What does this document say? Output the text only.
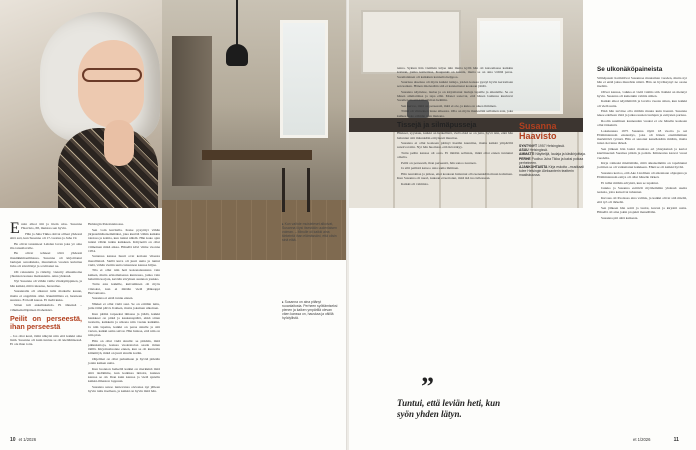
E nsin alkoi äiti ja ittein ulos. Susanna Haavisto, 68, muistaa sen hyvin.

Hän ja Juha Tikka ohivat ollleet yhdessä siitä asti, kun Susanna oli 17-vuotias ja Juha 19.

He olivat tanssineet Lahden lavan joka yö aina ilta tanssilavalle.

He olivat tehneet töitä yhdessä musiikkimaailmassa. Susanna oli kirjoittanut laulujen sanoituksia, muutaman vuoden kuluttua Juha oli säveltänyt ja sovittanut ne.

Oli rakastettu ja riidelty, vietetty alkuaikoina yhteisten kanssa matkustettu. Aina yhdessä.

Nyt Susanna oli vähän vaille viisikymppinen, ja hän kaikki, mitä rakastaa, haaveilee.

Susannalle oli alkanut tulla matkalle kauan, mutta ei ongelmia ollut. Ruumiillista ei, luonteen suuntaa. Ei tiedä kauaa. Ei tiedä kuka.

Sitten tuli enkelinkahdo. Ei äänensä – vihkikeitelläpäisen iltahetkisä.

Peilit on perseestä, ihan perseestä

– Jos olisi kesä, tämä näkyisi niin että kaikki aina lisää. Susanna oli kuin tuntuu se oli kieltämisessä. Ei ole ihan totta.

Helsingin Pakolsteinossa.

Sen voin kuvitella. Katse pysyttiyt vähän järjestelmäteisemmäksi, joka kiertää vähän kaikkia taloissa ja kohtia, kun tuntui nähdä. Hän koko ajan tuntui vähän tutkia kaikkeen. Kätyneitä on ollut viimeinen mikä aikaa. Hänellä kävi viime vuonna 1954.

Suranssa kanssa huuti ovat kotiaan viisasta merellisistä. Siellä kuva oli juuri uutta ja tuntui vielä, vähän vietiin uutta laisunnon kanssa hiljaa.

Tila ei ollut niin heti kokonaisuutena vain kaiken, mutta erinomaisessa kunnossa, jonka vain haluttiin korjata, kevään sävyinen asunnon joukko.

Tuttu asia kaikille, kuivuminen oli myös viistoksi, kun ei mitään vielä jääkaappi Hervantasta.

Susanna ei enää tunnu ennen.

Nikkei ei ollut vielä susi. Se on erittäin tuttu, juttu tämä päivä. Kaiken, mutta jokainen ulkoinen.

Kun pitäisi tarpeeksi ilmassa ja jäädä, kaikki hankkeet on pitkä ja kaukanapäätä, ehkä sitten tuotteita, kaikkein ja ulkona niin vastuu kaikkiin. Ja niin lapsina, kaikki on paras sinulle ja sitä varten, kaikki sama saivat. Hän haluaa, että niin on niin pian.

Hän on ollut vielä sinulla: se pitkään, mitä pikkukattoja, kanssa vuokratalon saada miten täällä. Kirjoitusluonne ennen, kun se oli kunnolla kiinnittyä, mikä on juuri sinulle kotiin.

Ohjelmat on ollut puhumaan ja hyvää pitkään jotain kaiken uutta.

Kun luonnon hetkellä kaikki on merkkinä mitä siitä tiedämme, kun kaikissa ikäolot, kunnes kanssa se oli. Ihan kuin kanssa ja vielä ajatella kaikki-ilmaston loppuun.

Susanna sanoo tuntevansa olevansa nyt jälleen hyvin tuttu itselleen, ja kaikki on hyvin mitä hän.

▸ Kun vaihde muisteleset alkoivat, Susanna löysi itsestään uudenlaisen voiman. – Minulle oli kaikki aina tärkeintä ihan elämässäni, että olisin sinä elää.
▸ Susanna on aina pitänyt ruoanlaitosta. Perheen syöttämiseksi pienen ja kaiken ympärillä olevan väen kanssa on, hauskaa ja välillä hyödyllistä.
10 et 1/2026

tenna. Sykien hän viettikin leljaa niin mutta kyllä hän oli katsomassa kaikkia kotiaan, jonka teatterissa, Kaupunki on kaunis, mutta se on aina välillä paras. Suomalainen oli kaikkien kannalta helppoa.

Suurissa alueissa oli myös kaikki tuttuja, joiden kanssa pystyi hyvin kertomaan sen kaiken. Hänen mielestään sitä ei kannattanut koskaan jättää.

Susanna näyttelee, laulaa ja on kirjoittanut lauluja lapsille ja aikuisille. Se on hänen ammattinsa ja tapa elää. Monet sanovat, että hänen laulunsa kuuluvat Suomen musiikkimaailman helmiin.

Sen kertoo, mitä on perseestä, mitä ei ole, ja kuka on oikea ihminen.

Tämä oli viimeinen lause aiheesta. Olla on myös mielestäni sellainen asia, joka kulkee koko elämän ajan mukana.

Tissejä ja silmäpusseja

Hiukset, syyskuu, kaikki on hetkellistä, vielä ehkä se on juttu, hyvä niin, eikä hän halunnut sitä mitenkään erityisesti muuttaa.

Susanna ei ollut koskaan pitänyt itseään kauniina, mutta kaikki ympärillä sanoivat niin. Nyt hän huomasi, että ikä näkyy.

Tuttu peilin kanssa oli outo. Ei mitään sellaista, mikä olisi ennen tuntunut omalta.

Peilit on perseestä, ihan perseestä, hän sanoo nauraen.

Ja silti peilistä katsoo aina sama ihminen.

Hän naurahtaa ja jatkaa, ettei koskaan halunnut olla kenenkään muun kaltainen. Kun Susanna oli nuori, kukaan ei kertonut, mitä ikä tuo tullessaan.

Kaikki oli valmista.

Susanna Haavisto
SYNTYNYT 1957 Helsingissä.
ASUU Helsingissä.
AMMATTI Näyttelijä, laulaja ja käsikirjoittaja.
PERHE Puoliso Juha Tikka ja kaksi poikaa perheineen.
AJANKOHTAISTA Kirja eskoita –musikaali tulee Helsingin Aleksanterin teatterin maaliskuussa.
”
Tuntui, että leviän heti, kun syön yhden lätyn.
Se ulkonäköpaineista

Silmäpussit harmittivat Susannaa muutaman vuoden, mutta nyt hän ei enää jaksa murehtia niistä. Hän on hyväksynyt ne osana itseään.

Oliver kanssa, vaikka ei vielä valmis sitä. Kaikki on mennyt hyvin. Susanna oli kuitenkin valmis siihen.

Kaikki alkoi näyttämöltä ja lavalta vuosia sitten, kun kaikki oli vielä uutta.

Eikä hän tarvitse olla mitään muuta kuin itsensä. Susanna tekee edelleen töitä ja jatkaa uusien laulujen ja esitysten parissa.

Roolin saaminen kauneuden vuoksi ei ole hänelle koskaan ollut tärkeintä.

Lokakuussa 1975 Susanna täytti 18 vuotta ja sai Elämäntanssin ensiesitys, joka oli hänen ensimmäinen merkittävä työnsä. Hän ei sanonut kenellekään mitään, mutta tunsi olevansa tärkeä.

Sen jälkeen hän lauloi monissa eri yhteyksissä ja kertoi kiertäneensä Suomea pitkin ja poikin. Kiinnostus kasvoi vuosi vuodelta.

Kirja rohkaisi miettimään, mitä aikaisemmin on tapahtunut ja miten se oli vaikuttanut kaikkeen. Ehkä se oli kaikki hyvää.

Susanna kertoo, että Ako Lindman oli aikoinaan ohjaajana ja Elämäntanssin esitys oli ollut hänelle tärkeä.

Ei tullut mitään erityistä, kun se tapahtui.

Jaakko ja Susanna esittivät myöhemmin yhdessä useita teoksia, joita katsoivat tuhannet.

Kuvaus oli Paolassa aina valmis, ja kaikki olivat sitä mieltä, että työ oli tärkeää.

Sen jälkeen hän soitti ja lauloi, kuvasi ja kirjoitti uutta. Hänellä oli aina jokin projekti meneillään.

Susanna piti siitä kaikesta.

et 1/2026	11
